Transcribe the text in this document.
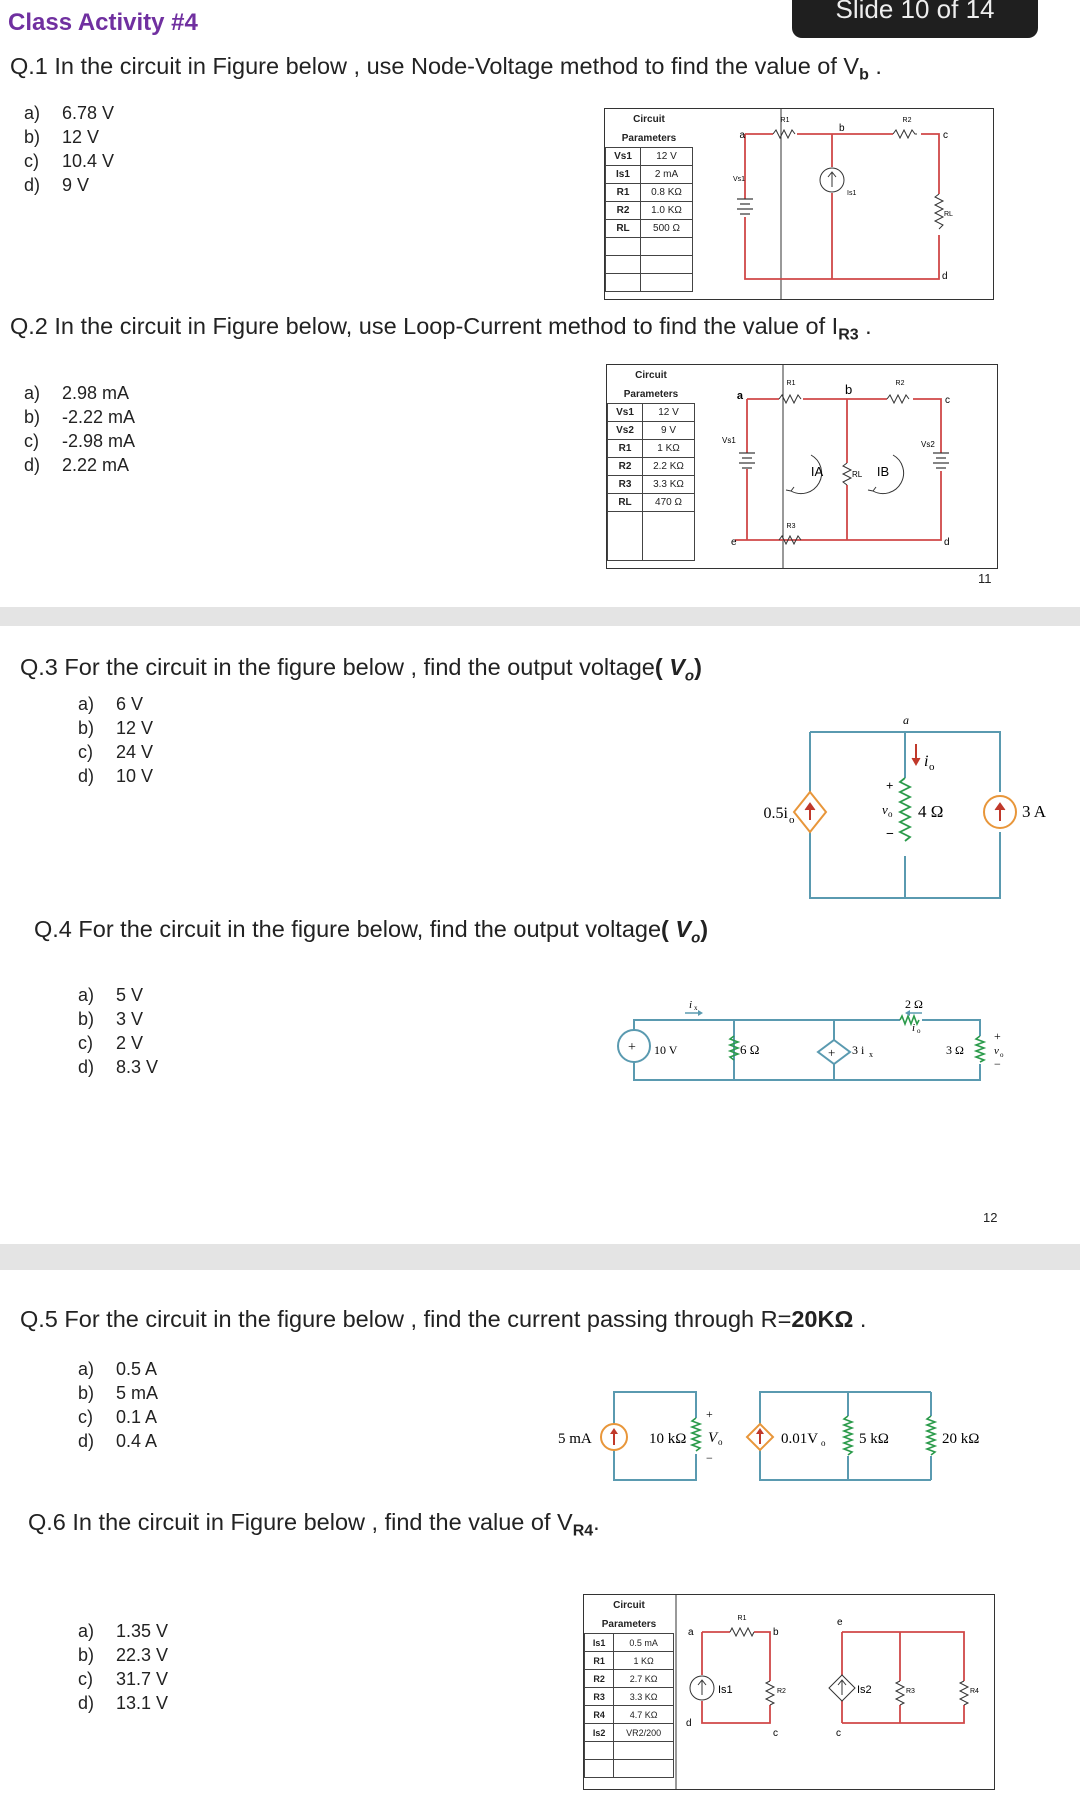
Class Activity #4	Slide 10 of 14
Q.1 In the circuit in Figure below , use Node-Voltage method to find the value of $V_b$ .
a) 6.78 V
b) 12 V
c) 10.4 V
d) 9 V
Circuit	
Parameters	
Vs1	12 V
Is1	2 mA
R1	0.8 KΩ
R2	1.0 KΩ
RL	500 Ω

a
R1
b
R2
c
Vs1
Is1
RL
d
Q.2 In the circuit in Figure below, use Loop-Current method to find the value of $I_{R3}$ .
a) 2.98 mA
b) -2.22 mA
c) -2.98 mA
d) 2.22 mA
Circuit	
Parameters	
Vs1	12 V
Vs2	9 V
R1	1 KΩ
R2	2.2 KΩ
R3	3.3 KΩ
RL	470 Ω

a
R1	b	R2
c
Vs1	Vs2
IA	RL IB
R3
e	d
11
Q.3 For the circuit in the figure below , find the output voltage( $V_o$)
a) 6 V
b) 12 V
c) 24 V
d) 10 V
0.5i o
a
i o
+
v o
−
4 Ω	3 A
Q.4 For the circuit in the figure below, find the output voltage( $V_o$)
a) 5 V
b) 3 V
c) 2 V
d) 8.3 V
+	+
10 V	6 Ω	3 i x
2 Ω
3 Ω
i x
i o	+
v o
−
12
Q.5 For the circuit in the figure below , find the current passing through R=20KΩ .
a) 0.5 A
b) 5 mA
c) 0.1 A
d) 0.4 A	5 mA	10 kΩ
+
V o
−
0.01V o 5 kΩ	20 kΩ
Q.6 In the circuit in Figure below , find the value of $V_{R4}$.
a) 1.35 V
b) 22.3 V
c) 31.7 V
d) 13.1 V
Circuit	
Parameters	
Is1	0.5 mA
R1	1 KΩ
R2	2.7 KΩ
R3	3.3 KΩ
R4	4.7 KΩ
Is2	VR2/200

a
R1
b
Is1	R2
d
c
e
Is2	R3	R4
c
